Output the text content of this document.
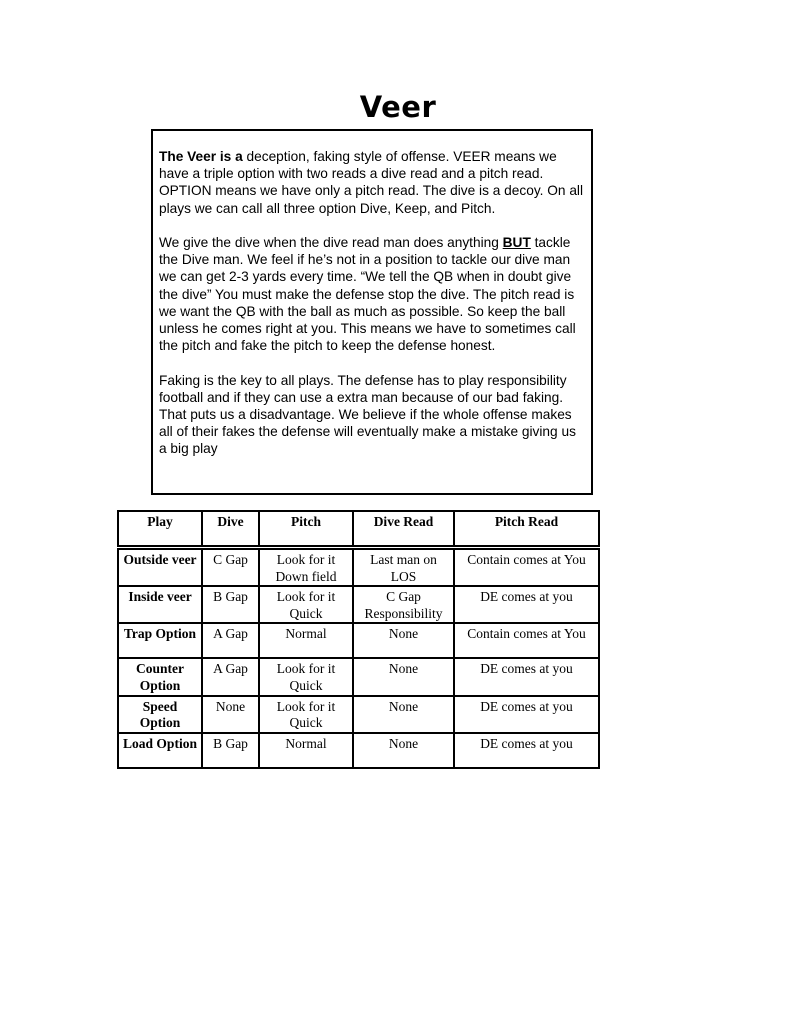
Veer

The Veer is a deception, faking style of offense. VEER means we have a triple option with two reads a dive read and a pitch read. OPTION means we have only a pitch read. The dive is a decoy. On all plays we can call all three option Dive, Keep, and Pitch.

We give the dive when the dive read man does anything BUT tackle the Dive man. We feel if he’s not in a position to tackle our dive man we can get 2-3 yards every time. “We tell the QB when in doubt give the dive” You must make the defense stop the dive. The pitch read is we want the QB with the ball as much as possible. So keep the ball unless he comes right at you. This means we have to sometimes call the pitch and fake the pitch to keep the defense honest.

Faking is the key to all plays. The defense has to play responsibility football and if they can use a extra man because of our bad faking. That puts us a disadvantage. We believe if the whole offense makes all of their fakes the defense will eventually make a mistake giving us a big play

Play	Dive	Pitch	Dive Read	Pitch Read
Outside veer	C Gap	Look for it Down field	Last man on LOS	Contain comes at You
Inside veer	B Gap	Look for it Quick	C Gap Responsibility	DE comes at you
Trap Option	A Gap	Normal	None	Contain comes at You
Counter Option	A Gap	Look for it Quick	None	DE comes at you
Speed Option	None	Look for it Quick	None	DE comes at you
Load Option	B Gap	Normal	None	DE comes at you
